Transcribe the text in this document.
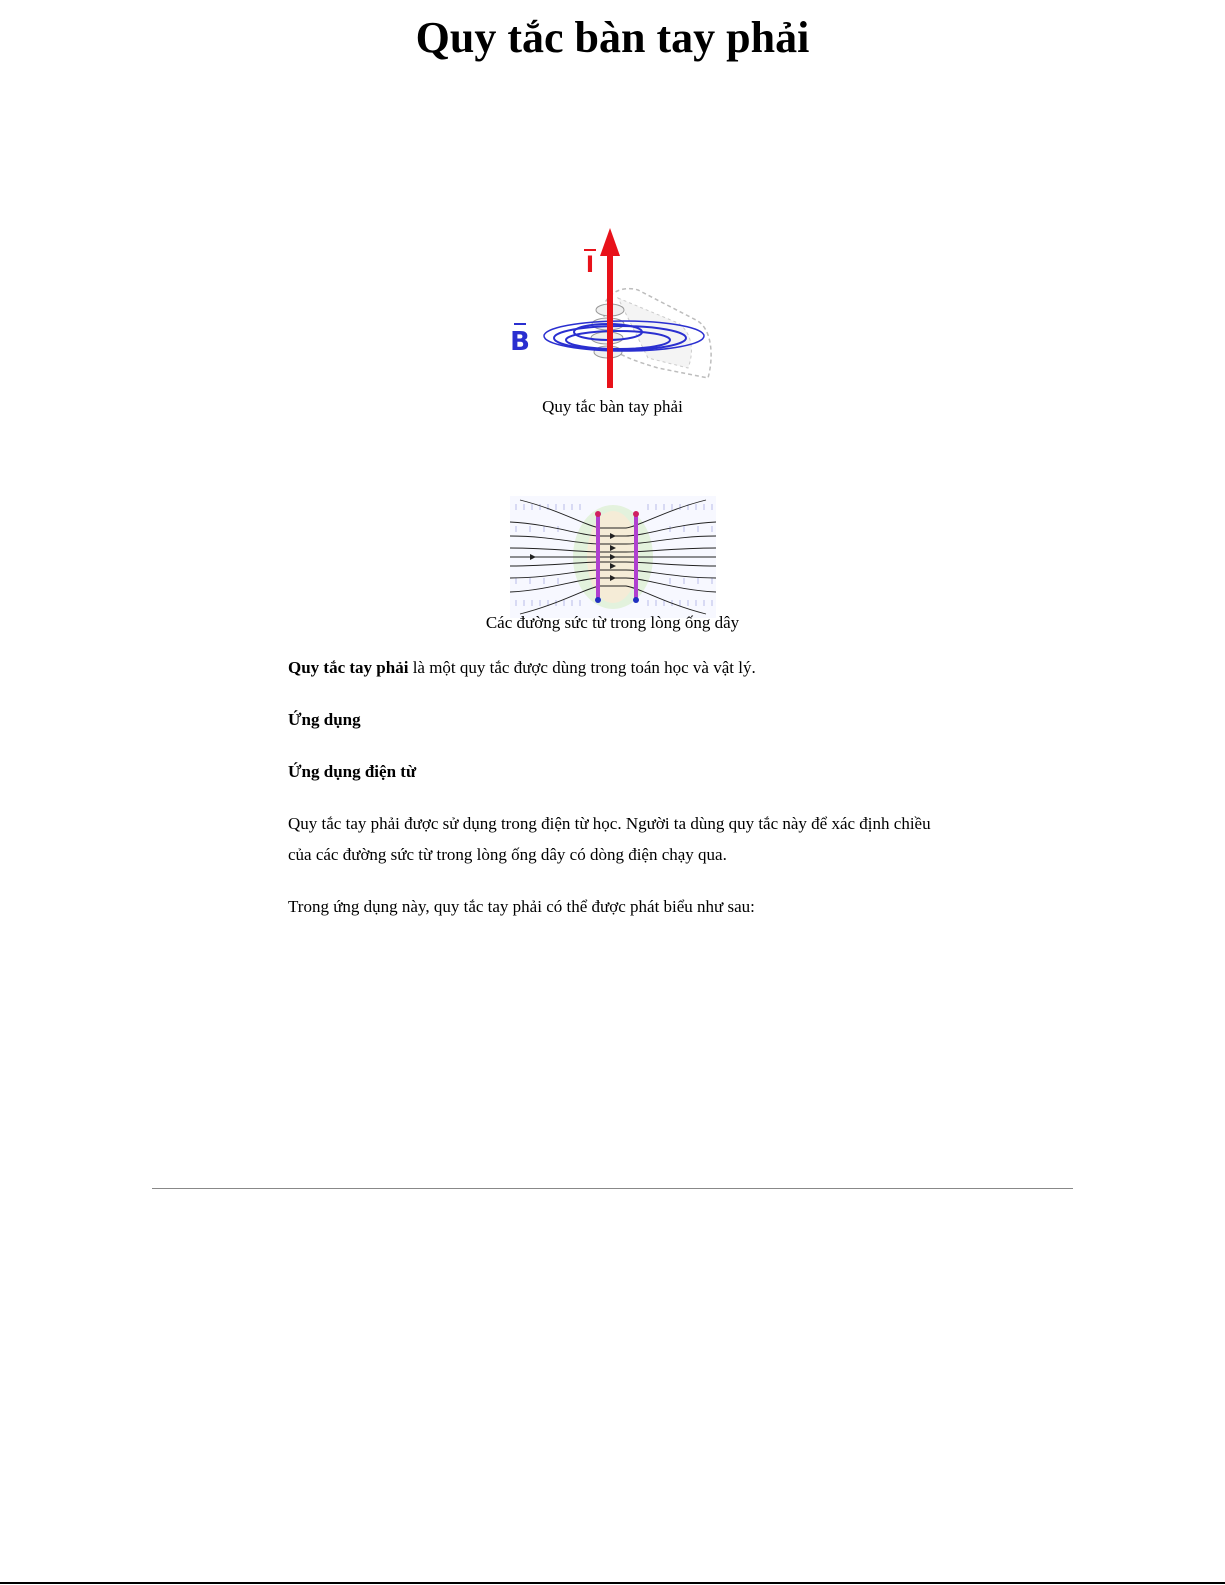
Quy tắc bàn tay phải
I
B
Quy tắc bàn tay phải
Các đường sức từ trong lòng ống dây

Quy tắc tay phải là một quy tắc được dùng trong toán học và vật lý.

Ứng dụng

Ứng dụng điện từ

Quy tắc tay phải được sử dụng trong điện từ học. Người ta dùng quy tắc này để xác định chiều của các đường sức từ trong lòng ống dây có dòng điện chạy qua.

Trong ứng dụng này, quy tắc tay phải có thể được phát biểu như sau:
